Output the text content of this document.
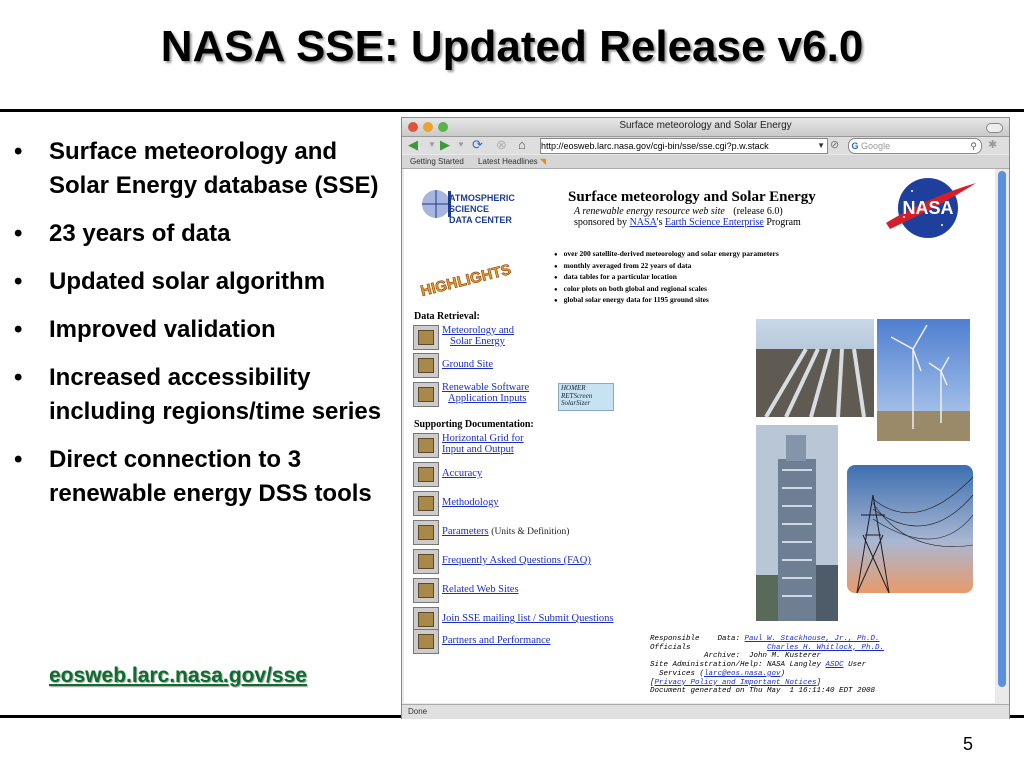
NASA SSE: Updated Release v6.0
• Surface meteorology and Solar Energy database (SSE)
• 23 years of data
• Updated solar algorithm
• Improved validation
• Increased accessibility including regions/time series
• Direct connection to 3 renewable energy DSS tools
eosweb.larc.nasa.gov/sse
5
Surface meteorology and Solar Energy
◀ ▼ ▶ ▼ ⟳ ⊗ ⌂ http://eosweb.larc.nasa.gov/cgi-bin/sse/sse.cgi?p.w.stack	▼ ⊘	G Google	⚲ ✱
Getting Started Latest Headlines ◥
ATMOSPHERIC
SCIENCE
DATA CENTER
Surface meteorology and Solar Energy
A renewable energy resource web site (release 6.0)
sponsored by NASA's Earth Science Enterprise Program
NASA
HIGHLIGHTS
● over 200 satellite-derived meteorology and solar energy parameters
● monthly averaged from 22 years of data
● data tables for a particular location
● color plots on both global and regional scales
● global solar energy data for 1195 ground sites
Data Retrieval:
Meteorology and
Solar Energy
Ground Site
Renewable Software
Application Inputs
HOMER
RETScreen
SolarSizer
Supporting Documentation:
Horizontal Grid for
Input and Output
Accuracy
Methodology
Parameters (Units & Definition)
Frequently Asked Questions (FAQ)
Related Web Sites
Join SSE mailing list / Submit Questions
Partners and Performance	Responsible    Data: Paul W. Stackhouse, Jr., Ph.D.
Officials	Charles H. Whitlock, Ph.D.
Archive:  John M. Kusterer
Site Administration/Help: NASA Langley ASDC User
Services (larc@eos.nasa.gov)
[Privacy Policy and Important Notices]
Document generated on Thu May  1 16:11:40 EDT 2008
Done
